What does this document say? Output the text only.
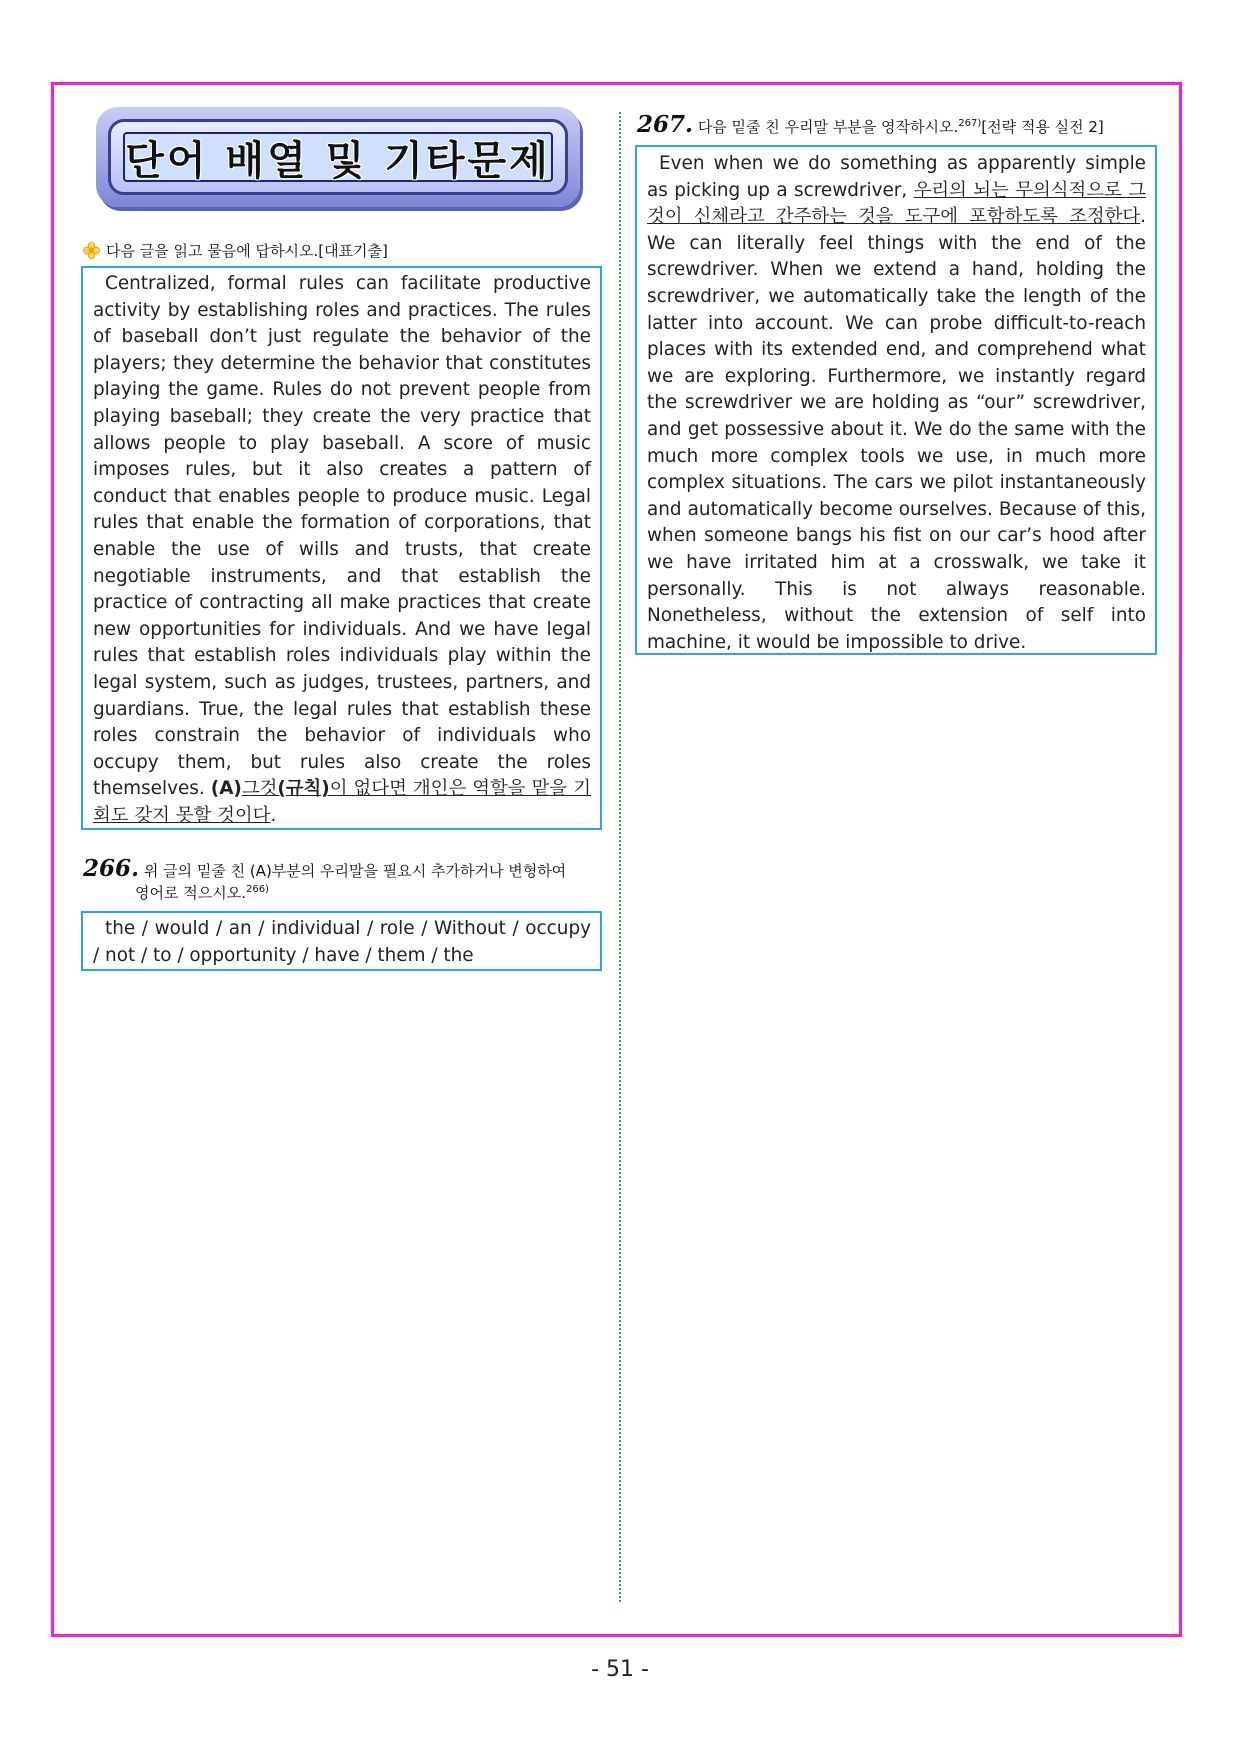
단어 배열 및 기타문제
다음 글을 읽고 물음에 답하시오.[대표기출]

Centralized, formal rules can facilitate productive activity by establishing roles and practices. The rules of baseball don’t just regulate the behavior of the players; they determine the behavior that constitutes playing the game. Rules do not prevent people from playing baseball; they create the very practice that allows people to play baseball. A score of music imposes rules, but it also creates a pattern of conduct that enables people to produce music. Legal rules that enable the formation of corporations, that enable the use of wills and trusts, that create negotiable instruments, and that establish the practice of contracting all make practices that create new opportunities for individuals. And we have legal rules that establish roles individuals play within the legal system, such as judges, trustees, partners, and guardians. True, the legal rules that establish these roles constrain the behavior of individuals who occupy them, but rules also create the roles themselves. (A)그것(규칙)이 없다면 개인은 역할을 맡을 기회도 갖지 못할 것이다.

266. 위 글의 밑줄 친 (A)부분의 우리말을 필요시 추가하거나 변형하여
영어로 적으시오.$^{266)}$

the / would / an / individual / role / Without / occupy / not / to / opportunity / have / them / the

267. 다음 밑줄 친 우리말 부분을 영작하시오.$^{267)}$[전략 적용 실전 2]

Even when we do something as apparently simple as picking up a screwdriver, 우리의 뇌는 무의식적으로 그것이 신체라고 간주하는 것을 도구에 포함하도록 조정한다. We can literally feel things with the end of the screwdriver. When we extend a hand, holding the screwdriver, we automatically take the length of the latter into account. We can probe difficult-to-reach places with its extended end, and comprehend what we are exploring. Furthermore, we instantly regard the screwdriver we are holding as “our” screwdriver, and get possessive about it. We do the same with the much more complex tools we use, in much more complex situations. The cars we pilot instantaneously and automatically become ourselves. Because of this, when someone bangs his fist on our car’s hood after we have irritated him at a crosswalk, we take it personally. This is not always reasonable. Nonetheless, without the extension of self into machine, it would be impossible to drive.

- 51 -
